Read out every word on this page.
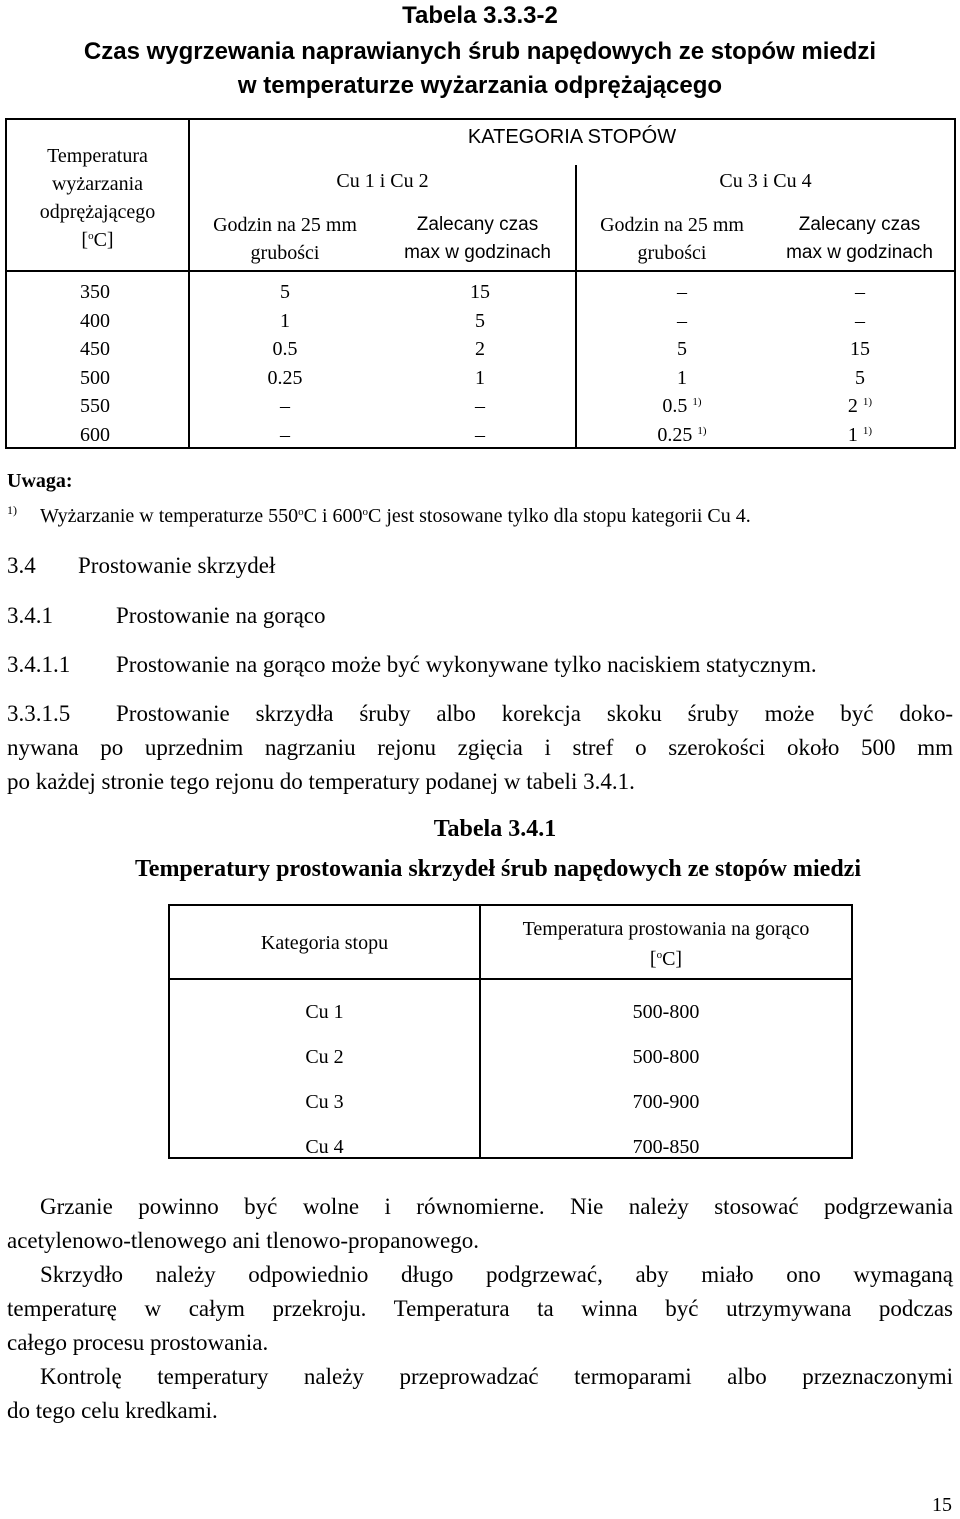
Tabela 3.3.3-2
Czas wygrzewania naprawianych śrub napędowych ze stopów miedzi
w temperaturze wyżarzania odprężającego
Temperatura
wyżarzania
odprężającego
[$^o$C]
KATEGORIA STOPÓW
Cu 1 i Cu 2	Cu 3 i Cu 4
Godzin na 25 mm
grubości
Zalecany czas
max w godzinach
Godzin na 25 mm
grubości
Zalecany czas
max w godzinach
350
400
450
500
550
600
5
1
0.5
0.25
–
–
15
5
2
1
–
–
–
–
5
1
0.5 $^{1)}$
0.25 $^{1)}$
–
–
15
5
2 $^{1)}$
1 $^{1)}$
Uwaga:
1) Wyżarzanie w temperaturze 550$^o$C i 600$^o$C jest stosowane tylko dla stopu kategorii Cu 4.
3.4 Prostowanie skrzydeł
3.4.1	Prostowanie na gorąco
3.4.1.1 Prostowanie na gorąco może być wykonywane tylko naciskiem statycznym.
3.3.1.5 Prostowanie skrzydła śruby albo korekcja skoku śruby może być doko-
nywana po uprzednim nagrzaniu rejonu zgięcia i stref o szerokości około 500 mm
po każdej stronie tego rejonu do temperatury podanej w tabeli 3.4.1.
Tabela 3.4.1
Temperatury prostowania skrzydeł śrub napędowych ze stopów miedzi
Kategoria stopu
Temperatura prostowania na gorąco
[$^o$C]
Cu 1
Cu 2
Cu 3
Cu 4
500-800
500-800
700-900
700-850
Grzanie powinno być wolne i równomierne. Nie należy stosować podgrzewania
acetylenowo-tlenowego ani tlenowo-propanowego.
Skrzydło należy odpowiednio długo podgrzewać, aby miało ono wymaganą
temperaturę w całym przekroju. Temperatura ta winna być utrzymywana podczas
całego procesu prostowania.
Kontrolę temperatury należy przeprowadzać termoparami albo przeznaczonymi
do tego celu kredkami.
15
